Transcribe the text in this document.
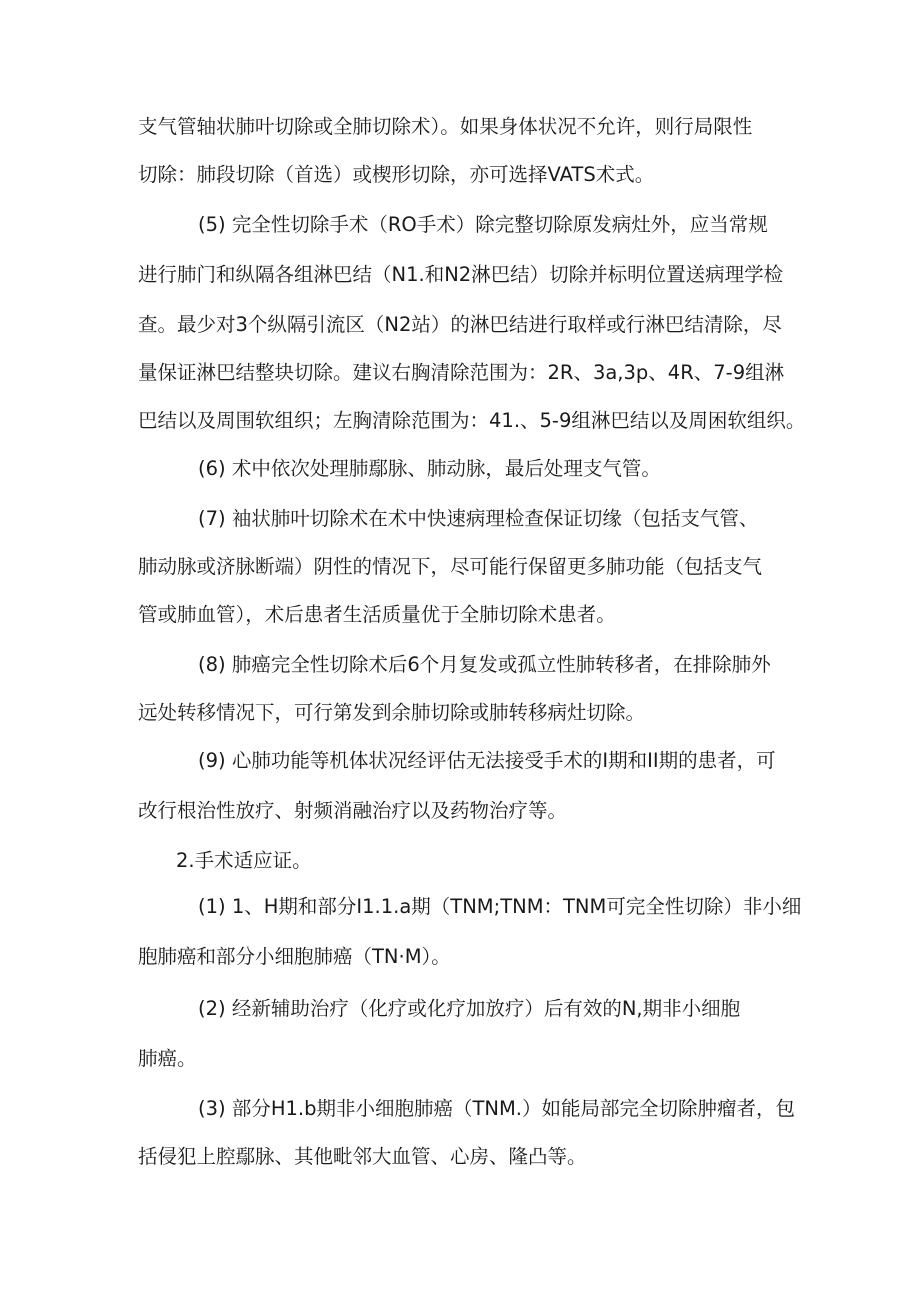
支气管轴状肺叶切除或全肺切除术）。如果身体状况不允许，则行局限性
切除：肺段切除（首选）或楔形切除，亦可选择VATS术式。
(5) 完全性切除手术（RO手术）除完整切除原发病灶外，应当常规
进行肺门和纵隔各组淋巴结（N1.和N2淋巴结）切除并标明位置送病理学检
查。最少对3个纵隔引流区（N2站）的淋巴结进行取样或行淋巴结清除，尽
量保证淋巴结整块切除。建议右胸清除范围为：2R、3a,3p、4R、7-9组淋
巴结以及周围软组织；左胸清除范围为：41.、5-9组淋巴结以及周困软组织。
(6) 术中依次处理肺鄢脉、肺动脉，最后处理支气管。
(7) 袖状肺叶切除术在术中快速病理检查保证切缘（包括支气管、
肺动脉或济脉断端）阴性的情况下，尽可能行保留更多肺功能（包括支气
管或肺血管），术后患者生活质量优于全肺切除术患者。
(8) 肺癌完全性切除术后6个月复发或孤立性肺转移者，在排除肺外
远处转移情况下，可行第发到余肺切除或肺转移病灶切除。
(9) 心肺功能等机体状况经评估无法接受手术的I期和II期的患者，可
改行根治性放疗、射频消融治疗以及药物治疗等。
2.手术适应证。
(1) 1、H期和部分I1.1.a期（TNM;TNM：TNM可完全性切除）非小细
胞肺癌和部分小细胞肺癌（TN·M）。
(2) 经新辅助治疗（化疗或化疗加放疗）后有效的N,期非小细胞
肺癌。
(3) 部分H1.b期非小细胞肺癌（TNM.）如能局部完全切除肿瘤者，包
括侵犯上腔鄢脉、其他毗邻大血管、心房、隆凸等。
